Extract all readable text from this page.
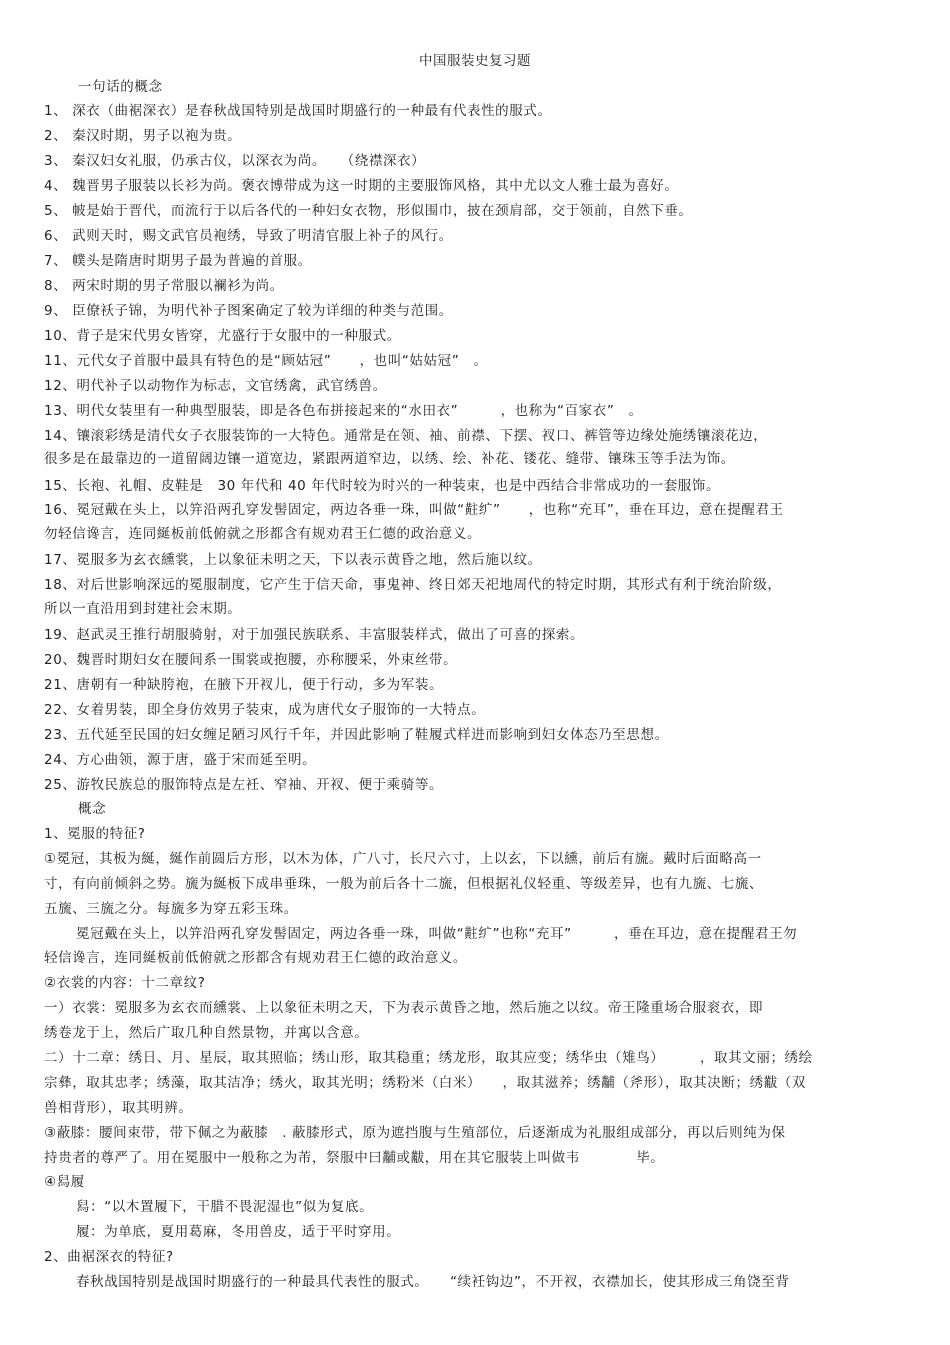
中国服装史复习题
一句话的概念
1、 深衣（曲裾深衣）是春秋战国特别是战国时期盛行的一种最有代表性的服式。
2、 秦汉时期，男子以袍为贵。
3、 秦汉妇女礼服，仍承古仪，以深衣为尚。　　（绕襟深衣）
4、 魏晋男子服装以长衫为尚。褒衣博带成为这一时期的主要服饰风格，其中尤以文人雅士最为喜好。
5、 帔是始于晋代，而流行于以后各代的一种妇女衣物，形似围巾，披在颈肩部，交于领前，自然下垂。
6、 武则天时，赐文武官员袍绣，导致了明清官服上补子的风行。
7、 幞头是隋唐时期男子最为普遍的首服。
8、 两宋时期的男子常服以襕衫为尚。
9、 臣僚袄子锦，为明代补子图案确定了较为详细的种类与范围。
10、背子是宋代男女皆穿，尤盛行于女服中的一种服式。
11、元代女子首服中最具有特色的是“顾姑冠”　　，也叫“姑姑冠”　。
12、明代补子以动物作为标志，文官绣禽，武官绣兽。
13、明代女装里有一种典型服装，即是各色布拼接起来的“水田衣”　　　，也称为“百家衣”　。
14、镶滚彩绣是清代女子衣服装饰的一大特色。通常是在领、袖、前襟、下摆、衩口、裤管等边缘处施绣镶滚花边，
很多是在最靠边的一道留阔边镶一道宽边，紧跟两道窄边，以绣、绘、补花、镂花、缝带、镶珠玉等手法为饰。
15、长袍、礼帽、皮鞋是　30 年代和 40 年代时较为时兴的一种装束，也是中西结合非常成功的一套服饰。
16、冕冠戴在头上，以笄沿两孔穿发髻固定，两边各垂一珠，叫做“黈纩”　　，也称“充耳”，垂在耳边，意在提醒君王
勿轻信谗言，连同綖板前低俯就之形都含有规劝君王仁德的政治意义。
17、冕服多为玄衣纁裳，上以象征未明之天，下以表示黄昏之地，然后施以纹。
18、对后世影响深远的冕服制度，它产生于信天命，事鬼神、终日郊天祀地周代的特定时期，其形式有利于统治阶级，
所以一直沿用到封建社会末期。
19、赵武灵王推行胡服骑射，对于加强民族联系、丰富服装样式，做出了可喜的探索。
20、魏晋时期妇女在腰间系一围裳或抱腰，亦称腰采，外束丝带。
21、唐朝有一种缺胯袍，在腋下开衩儿，便于行动，多为军装。
22、女着男装，即全身仿效男子装束，成为唐代女子服饰的一大特点。
23、五代延至民国的妇女缠足陋习风行千年，并因此影响了鞋履式样进而影响到妇女体态乃至思想。
24、方心曲领，源于唐，盛于宋而延至明。
25、游牧民族总的服饰特点是左衽、窄袖、开衩、便于乘骑等。
概念
1、冕服的特征?
①冕冠，其板为綖，綖作前圆后方形，以木为体，广八寸，长尺六寸，上以玄，下以纁，前后有旒。戴时后面略高一
寸，有向前倾斜之势。旒为綖板下成串垂珠，一般为前后各十二旒，但根据礼仪轻重、等级差异，也有九旒、七旒、
五旒、三旒之分。每旒多为穿五彩玉珠。
冕冠戴在头上，以笄沿两孔穿发髻固定，两边各垂一珠，叫做“黈纩”也称“充耳”　　　，垂在耳边，意在提醒君王勿
轻信谗言，连同綖板前低俯就之形都含有规劝君王仁德的政治意义。
②衣裳的内容：十二章纹?
一）衣裳：冕服多为玄衣而纁裳、上以象征未明之天，下为表示黄昏之地，然后施之以纹。帝王隆重场合服衮衣，即
绣卷龙于上，然后广取几种自然景物，并寓以含意。
二）十二章：绣日、月、星辰，取其照临；绣山形，取其稳重；绣龙形，取其应变；绣华虫（雉鸟）　　　，取其文丽；绣绘
宗彝，取其忠孝；绣藻，取其洁净；绣火，取其光明；绣粉米（白米）　　，取其滋养；绣黼（斧形），取其决断；绣黻（双
兽相背形），取其明辨。
③蔽膝：腰间束带，带下佩之为蔽膝　. 蔽膝形式，原为遮挡腹与生殖部位，后逐渐成为礼服组成部分，再以后则纯为保
持贵者的尊严了。用在冕服中一般称之为芾，祭服中曰黼或黻，用在其它服装上叫做韦　　　　毕。
④舄履
舄：“以木置履下，干腊不畏泥湿也”似为复底。
履：为单底，夏用葛麻，冬用兽皮，适于平时穿用。
2、曲裾深衣的特征?
春秋战国特别是战国时期盛行的一种最具代表性的服式。　　“续衽钩边”，不开衩，衣襟加长，使其形成三角饶至背
